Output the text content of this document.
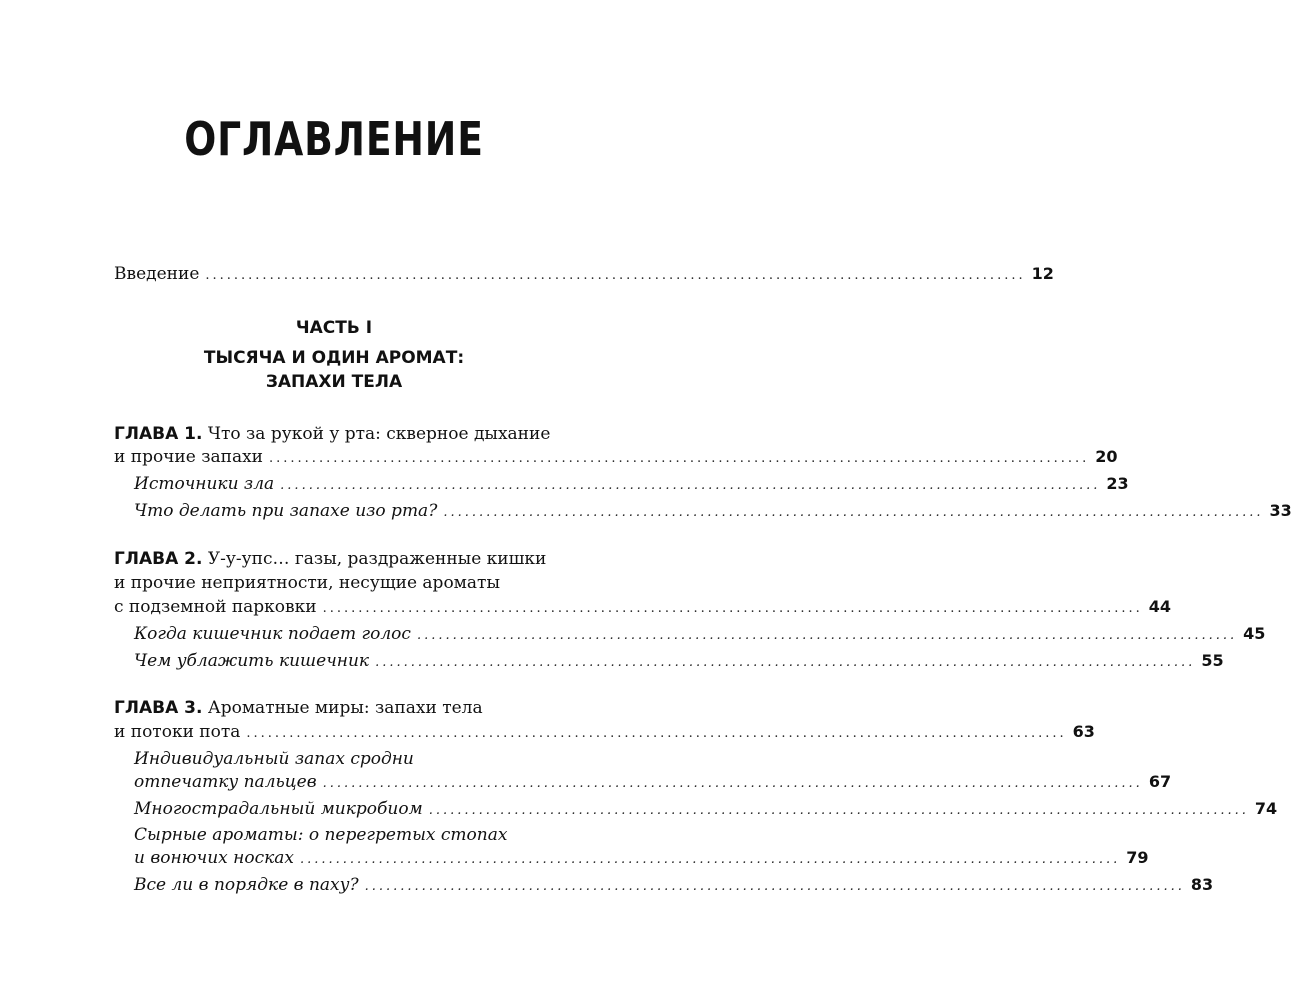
ОГЛАВЛЕНИЕ
Введение ................................................................................................................... 12
ЧАСТЬ I
ТЫСЯЧА И ОДИН АРОМАТ:
ЗАПАХИ ТЕЛА
ГЛАВА 1. Что за рукой у рта: скверное дыхание
и прочие запахи ................................................................................................................... 20
Источники зла ................................................................................................................... 23
Что делать при запахе изо рта? ................................................................................................................... 33
ГЛАВА 2. У-у-упс… газы, раздраженные кишки
и прочие неприятности, несущие ароматы
с подземной парковки ................................................................................................................... 44
Когда кишечник подает голос ................................................................................................................... 45
Чем ублажить кишечник ................................................................................................................... 55
ГЛАВА 3. Ароматные миры: запахи тела
и потоки пота ................................................................................................................... 63
Индивидуальный запах сродни
отпечатку пальцев ................................................................................................................... 67
Многострадальный микробиом ................................................................................................................... 74
Сырные ароматы: о перегретых стопах
и вонючих носках ................................................................................................................... 79
Все ли в порядке в паху? ................................................................................................................... 83
